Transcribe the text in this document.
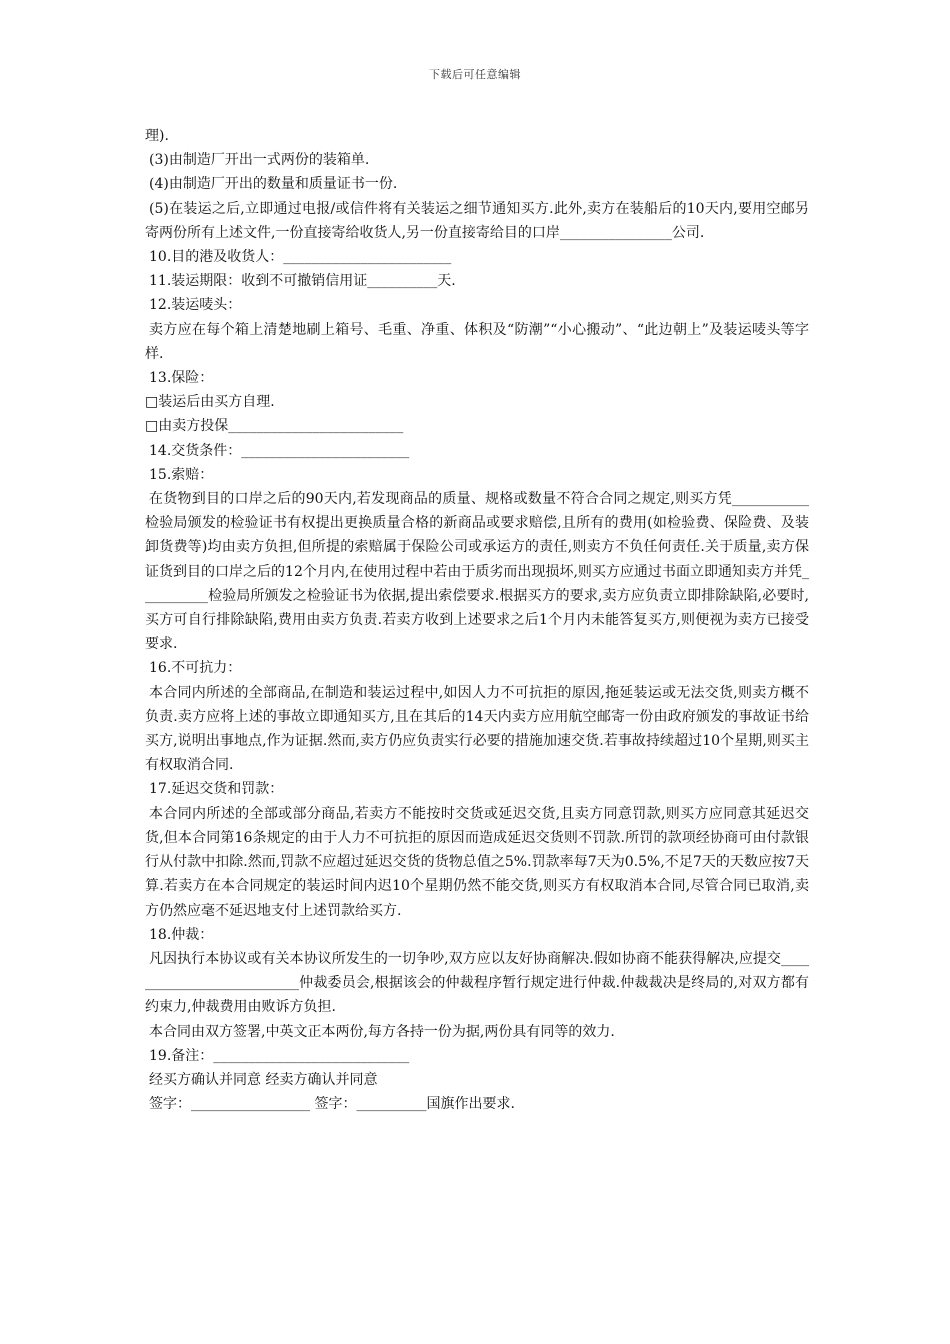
下载后可任意编辑

理).

(3)由制造厂开出一式两份的装箱单.

(4)由制造厂开出的数量和质量证书一份.

(5)在装运之后,立即通过电报/或信件将有关装运之细节通知买方.此外,卖方在装船后的10天内,要用空邮另寄两份所有上述文件,一份直接寄给收货人,另一份直接寄给目的口岸________________公司.

10.目的港及收货人：________________________

11.装运期限：收到不可撤销信用证__________天.

12.装运唛头：

卖方应在每个箱上清楚地刷上箱号、毛重、净重、体积及“防潮”“小心搬动”、“此边朝上”及装运唛头等字样.

13.保险：

□装运后由买方自理.

□由卖方投保_________________________

14.交货条件：________________________

15.索赔：

在货物到目的口岸之后的90天内,若发现商品的质量、规格或数量不符合合同之规定,则买方凭___________检验局颁发的检验证书有权提出更换质量合格的新商品或要求赔偿,且所有的费用(如检验费、保险费、及装卸货费等)均由卖方负担,但所提的索赔属于保险公司或承运方的责任,则卖方不负任何责任.关于质量,卖方保证货到目的口岸之后的12个月内,在使用过程中若由于质劣而出现损坏,则买方应通过书面立即通知卖方并凭__________检验局所颁发之检验证书为依据,提出索偿要求.根据买方的要求,卖方应负责立即排除缺陷,必要时,买方可自行排除缺陷,费用由卖方负责.若卖方收到上述要求之后1个月内未能答复买方,则便视为卖方已接受要求.

16.不可抗力：

本合同内所述的全部商品,在制造和装运过程中,如因人力不可抗拒的原因,拖延装运或无法交货,则卖方概不负责.卖方应将上述的事故立即通知买方,且在其后的14天内卖方应用航空邮寄一份由政府颁发的事故证书给买方,说明出事地点,作为证据.然而,卖方仍应负责实行必要的措施加速交货.若事故持续超过10个星期,则买主有权取消合同.

17.延迟交货和罚款：

本合同内所述的全部或部分商品,若卖方不能按时交货或延迟交货,且卖方同意罚款,则买方应同意其延迟交货,但本合同第16条规定的由于人力不可抗拒的原因而造成延迟交货则不罚款.所罚的款项经协商可由付款银行从付款中扣除.然而,罚款不应超过延迟交货的货物总值之5%.罚款率每7天为0.5%,不足7天的天数应按7天算.若卖方在本合同规定的装运时间内迟10个星期仍然不能交货,则买方有权取消本合同,尽管合同已取消,卖方仍然应毫不延迟地支付上述罚款给买方.

18.仲裁：

凡因执行本协议或有关本协议所发生的一切争吵,双方应以友好协商解决.假如协商不能获得解决,应提交__________________________仲裁委员会,根据该会的仲裁程序暂行规定进行仲裁.仲裁裁决是终局的,对双方都有约束力,仲裁费用由败诉方负担.

本合同由双方签署,中英文正本两份,每方各持一份为据,两份具有同等的效力.

19.备注：____________________________

经买方确认并同意 经卖方确认并同意

签字：_________________ 签字：__________国旗作出要求.
